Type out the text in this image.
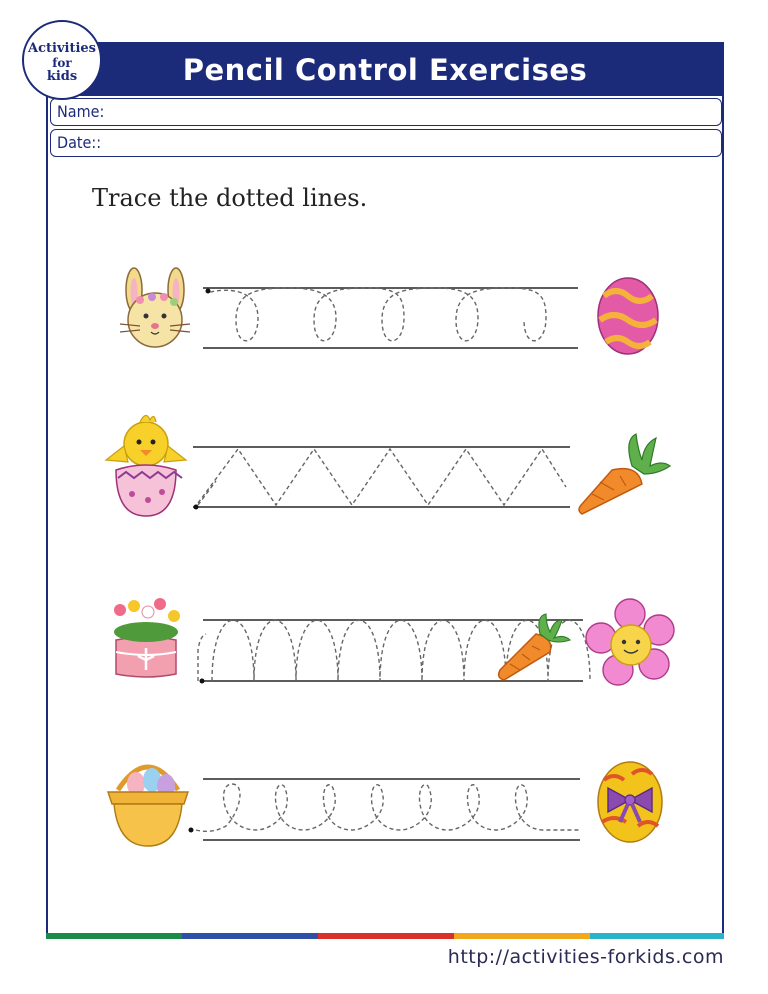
Pencil Control Exercises
Name:
Date::
Activities
for
kids
Trace the dotted lines.
http://activities-forkids.com
